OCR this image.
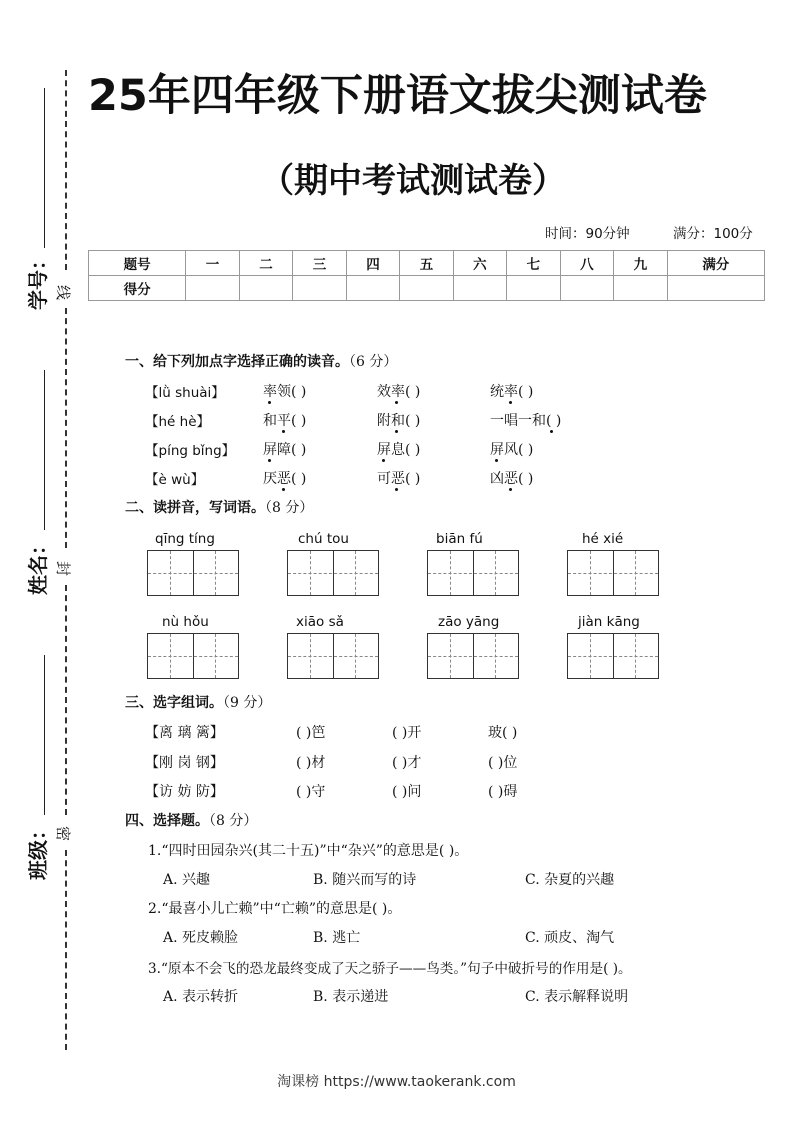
学号：
姓名：
班级：
线
封
密
25年四年级下册语文拔尖测试卷
（期中考试测试卷）
时间：90分钟	满分：100分
题号	一	二	三	四	五	六	七	八	九	满分
得分										
一、给下列加点字选择正确的读音。（6 分）
【lǜ shuài】	率领( )	效率( )	统率( )
【hé hè】	和平( )	附和( )	一唱一和( )
【píng bǐng】 屏障( )	屏息( )	屏风( )
【è wù】	厌恶( )	可恶( )	凶恶( )
二、读拼音，写词语。（8 分）
qīng tíng	chú tou	biān fú	hé xié
nù hǒu	xiāo sǎ	zāo yāng	jiàn kāng
三、选字组词。（9 分）
【离 璃 篱】	( )笆	( )开	玻( )
【刚 岗 钢】	( )材	( )才	( )位
【访 妨 防】	( )守	( )问	( )碍
四、选择题。（8 分）
1.“四时田园杂兴(其二十五)”中“杂兴”的意思是( )。
A. 兴趣	B. 随兴而写的诗	C. 杂夏的兴趣
2.“最喜小儿亡赖”中“亡赖”的意思是( )。
A. 死皮赖脸	B. 逃亡	C. 顽皮、淘气
3.“原本不会飞的恐龙最终变成了天之骄子——鸟类。”句子中破折号的作用是( )。
A. 表示转折	B. 表示递进	C. 表示解释说明
淘课榜 https://www.taokerank.com
